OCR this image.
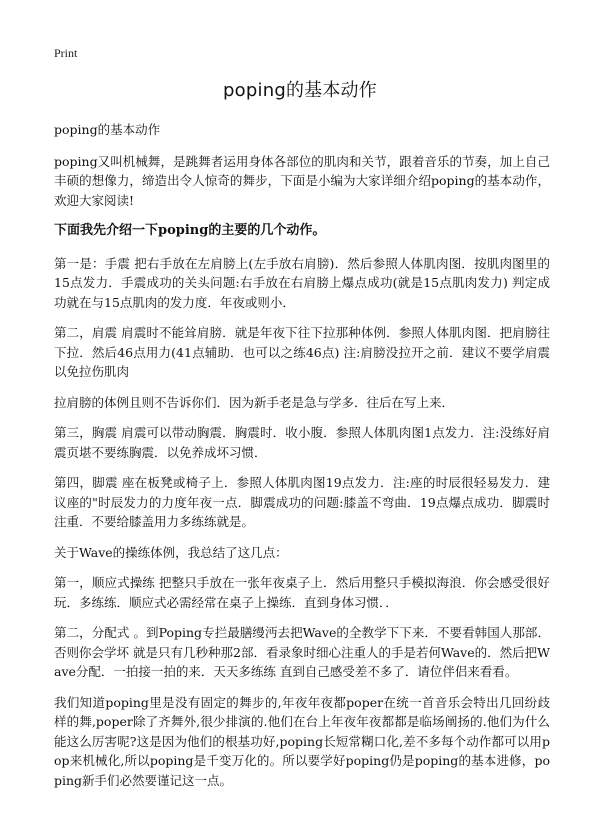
Print
poping的基本动作

poping的基本动作

poping又叫机械舞，是跳舞者运用身体各部位的肌肉和关节，跟着音乐的节奏，加上自己丰硕的想像力，缔造出令人惊奇的舞步，下面是小编为大家详细介绍poping的基本动作，欢迎大家阅读!

下面我先介绍一下poping的主要的几个动作。

第一是：手震 把右手放在左肩膀上(左手放右肩膀)．然后参照人体肌肉图．按肌肉图里的15点发力．手震成功的关头问题:右手放在右肩膀上爆点成功(就是15点肌肉发力) 判定成功就在与15点肌肉的发力度．年夜或则小．

第二，肩震 肩震时不能耸肩膀．就是年夜下往下拉那种体例．参照人体肌肉图．把肩膀往下拉．然后46点用力(41点辅助．也可以之练46点) 注:肩膀没拉开之前．建议不要学肩震 以免拉伤肌肉

拉肩膀的体例且则不告诉你们．因为新手老是急与学多．往后在写上来．

第三，胸震 肩震可以带动胸震．胸震时．收小腹．参照人体肌肉图1点发力．注:没练好肩震页堪不要练胸震．以免养成坏习惯．

第四，脚震 座在板凳或椅子上．参照人体肌肉图19点发力．注:座的时辰很轻易发力．建议座的"时辰发力的力度年夜一点．脚震成功的问题:膝盖不弯曲．19点爆点成功．脚震时注重．不要给膝盖用力多练练就是。

关于Wave的操练体例，我总结了这几点：

第一，顺应式操练 把整只手放在一张年夜桌子上．然后用整只手模拟海浪．你会感受很好玩．多练练．顺应式必需经常在桌子上操练．直到身体习惯．．

第二，分配式 。到Poping专拦最膳缦沔去把Wave的全教学下下来．不要看韩国人那部．否则你会学坏 就是只有几秒种那2部．看录象时细心注重人的手是若何Wave的．然后把Wave分配．一拍接一拍的来．天天多练练 直到自己感受差不多了．请位伴侣来看看。

我们知道poping里是没有固定的舞步的,年夜年夜都poper在统一首音乐会特出几回纷歧样的舞,poper除了齐舞外,很少排演的.他们在台上年夜年夜都都是临场阐扬的.他们为什么能这么厉害呢?这是因为他们的根基功好,poping长短常糊口化,差不多每个动作都可以用pop来机械化,所以poping是千变万化的。所以要学好poping仍是poping的基本进修，poping新手们必然要谨记这一点。
